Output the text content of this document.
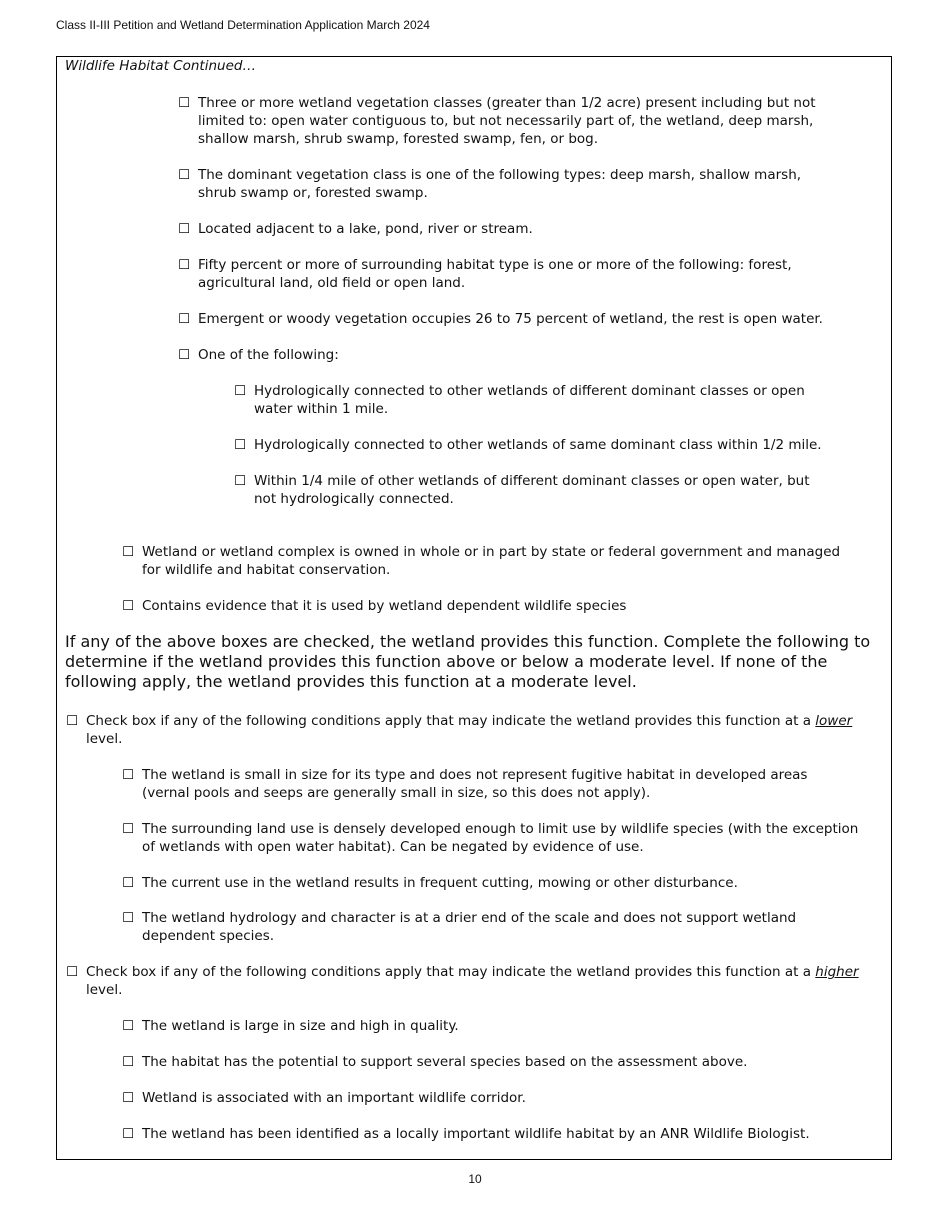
Class II-III Petition and Wetland Determination Application March 2024
Wildlife Habitat Continued…
☐ Three or more wetland vegetation classes (greater than 1/2 acre) present including but not limited to: open water contiguous to, but not necessarily part of, the wetland, deep marsh, shallow marsh, shrub swamp, forested swamp, fen, or bog.
☐ The dominant vegetation class is one of the following types: deep marsh, shallow marsh, shrub swamp or, forested swamp.
☐ Located adjacent to a lake, pond, river or stream.
☐ Fifty percent or more of surrounding habitat type is one or more of the following: forest, agricultural land, old field or open land.
☐ Emergent or woody vegetation occupies 26 to 75 percent of wetland, the rest is open water.
☐ One of the following:
☐ Hydrologically connected to other wetlands of different dominant classes or open water within 1 mile.
☐ Hydrologically connected to other wetlands of same dominant class within 1/2 mile.
☐ Within 1/4 mile of other wetlands of different dominant classes or open water, but not hydrologically connected.
☐ Wetland or wetland complex is owned in whole or in part by state or federal government and managed for wildlife and habitat conservation.
☐ Contains evidence that it is used by wetland dependent wildlife species
If any of the above boxes are checked, the wetland provides this function. Complete the following to determine if the wetland provides this function above or below a moderate level. If none of the following apply, the wetland provides this function at a moderate level.
☐ Check box if any of the following conditions apply that may indicate the wetland provides this function at a lower level.
☐ The wetland is small in size for its type and does not represent fugitive habitat in developed areas (vernal pools and seeps are generally small in size, so this does not apply).
☐ The surrounding land use is densely developed enough to limit use by wildlife species (with the exception of wetlands with open water habitat). Can be negated by evidence of use.
☐ The current use in the wetland results in frequent cutting, mowing or other disturbance.
☐ The wetland hydrology and character is at a drier end of the scale and does not support wetland dependent species.
☐ Check box if any of the following conditions apply that may indicate the wetland provides this function at a higher level.
☐ The wetland is large in size and high in quality.
☐ The habitat has the potential to support several species based on the assessment above.
☐ Wetland is associated with an important wildlife corridor.
☐ The wetland has been identified as a locally important wildlife habitat by an ANR Wildlife Biologist.
10
